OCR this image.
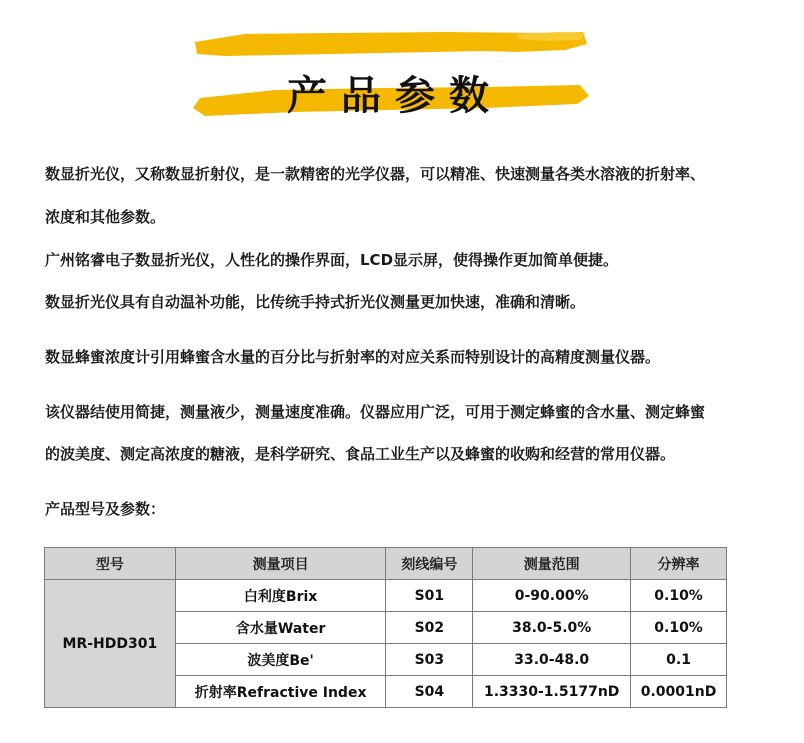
产品参数

数显折光仪，又称数显折射仪，是一款精密的光学仪器，可以精准、快速测量各类水溶液的折射率、

浓度和其他参数。

广州铭睿电子数显折光仪，人性化的操作界面，LCD显示屏，使得操作更加简单便捷。

数显折光仪具有自动温补功能，比传统手持式折光仪测量更加快速，准确和清晰。

数显蜂蜜浓度计引用蜂蜜含水量的百分比与折射率的对应关系而特别设计的高精度测量仪器。

该仪器结使用简捷，测量液少，测量速度准确。仪器应用广泛，可用于测定蜂蜜的含水量、测定蜂蜜

的波美度、测定高浓度的糖液，是科学研究、食品工业生产以及蜂蜜的收购和经营的常用仪器。

产品型号及参数：

型号	测量项目	刻线编号	测量范围	分辨率
MR-HDD301	白利度Brix	S01	0-90.00%	0.10%
	含水量Water	S02	38.0-5.0%	0.10%
	波美度Be'	S03	33.0-48.0	0.1
	折射率Refractive Index	S04	1.3330-1.5177nD	0.0001nD
